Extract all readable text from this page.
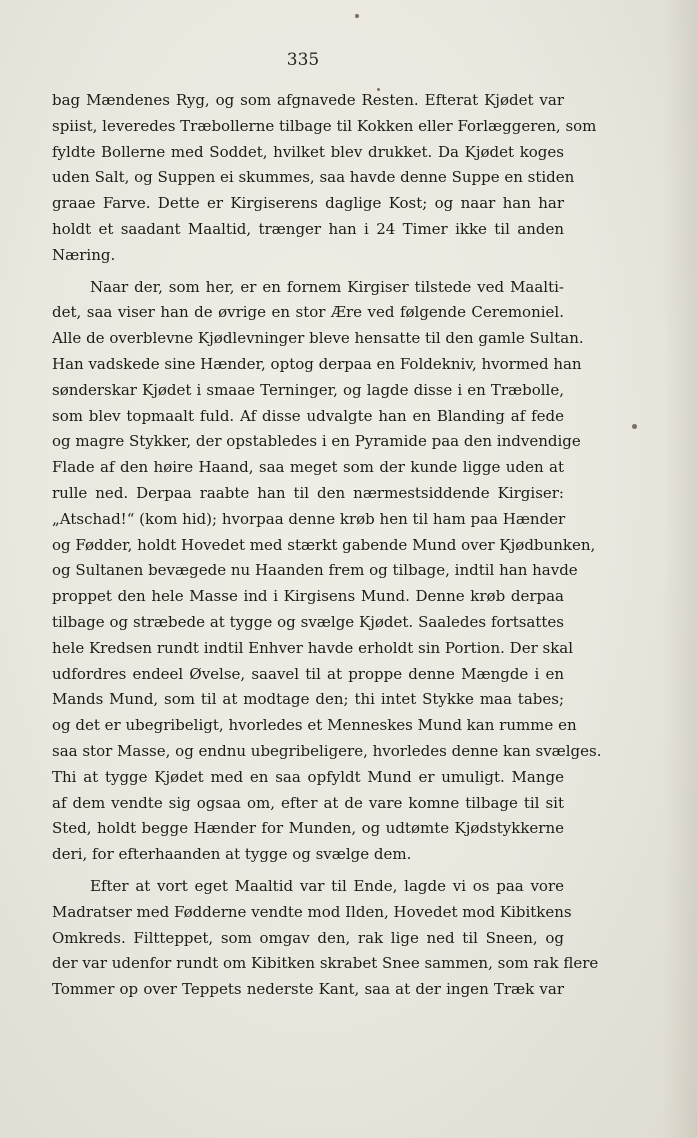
335

bag Mændenes Ryg, og som afgnavede Resten. Efterat Kjødet var
spiist, leveredes Træbollerne tilbage til Kokken eller Forlæggeren, som
fyldte Bollerne med Soddet, hvilket blev drukket. Da Kjødet koges
uden Salt, og Suppen ei skummes, saa havde denne Suppe en stiden
graae Farve. Dette er Kirgiserens daglige Kost; og naar han har
holdt et saadant Maaltid, trænger han i 24 Timer ikke til anden
Næring.

Naar der, som her, er en fornem Kirgiser tilstede ved Maalti-
det, saa viser han de øvrige en stor Ære ved følgende Ceremoniel.
Alle de overblevne Kjødlevninger bleve hensatte til den gamle Sultan.
Han vadskede sine Hænder, optog derpaa en Foldekniv, hvormed han
sønderskar Kjødet i smaae Terninger, og lagde disse i en Træbolle,
som blev topmaalt fuld. Af disse udvalgte han en Blanding af fede
og magre Stykker, der opstabledes i en Pyramide paa den indvendige
Flade af den høire Haand, saa meget som der kunde ligge uden at
rulle ned. Derpaa raabte han til den nærmestsiddende Kirgiser:
„Atschad!“ (kom hid); hvorpaa denne krøb hen til ham paa Hænder
og Fødder, holdt Hovedet med stærkt gabende Mund over Kjødbunken,
og Sultanen bevægede nu Haanden frem og tilbage, indtil han havde
proppet den hele Masse ind i Kirgisens Mund. Denne krøb derpaa
tilbage og stræbede at tygge og svælge Kjødet. Saaledes fortsattes
hele Kredsen rundt indtil Enhver havde erholdt sin Portion. Der skal
udfordres endeel Øvelse, saavel til at proppe denne Mængde i en
Mands Mund, som til at modtage den; thi intet Stykke maa tabes;
og det er ubegribeligt, hvorledes et Menneskes Mund kan rumme en
saa stor Masse, og endnu ubegribeligere, hvorledes denne kan svælges.
Thi at tygge Kjødet med en saa opfyldt Mund er umuligt. Mange
af dem vendte sig ogsaa om, efter at de vare komne tilbage til sit
Sted, holdt begge Hænder for Munden, og udtømte Kjødstykkerne
deri, for efterhaanden at tygge og svælge dem.

Efter at vort eget Maaltid var til Ende, lagde vi os paa vore
Madratser med Fødderne vendte mod Ilden, Hovedet mod Kibitkens
Omkreds. Filtteppet, som omgav den, rak lige ned til Sneen, og
der var udenfor rundt om Kibitken skrabet Snee sammen, som rak flere
Tommer op over Teppets nederste Kant, saa at der ingen Træk var
